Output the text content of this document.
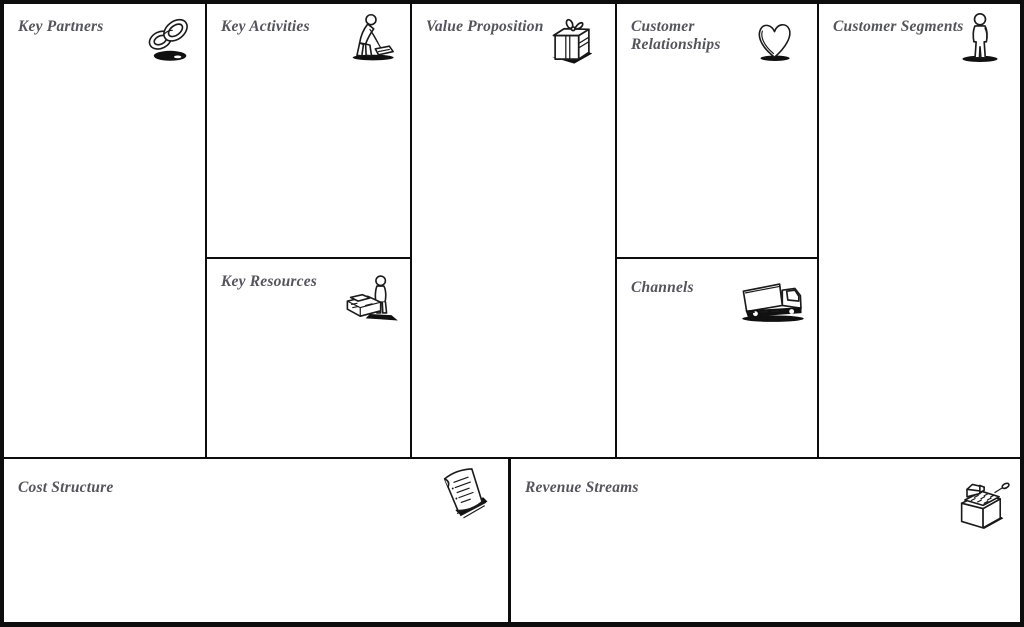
Key Partners	Key Activities	Value Proposition	Customer Relationships
Customer Segments
Key Resources	Channels
Cost Structure	Revenue Streams
